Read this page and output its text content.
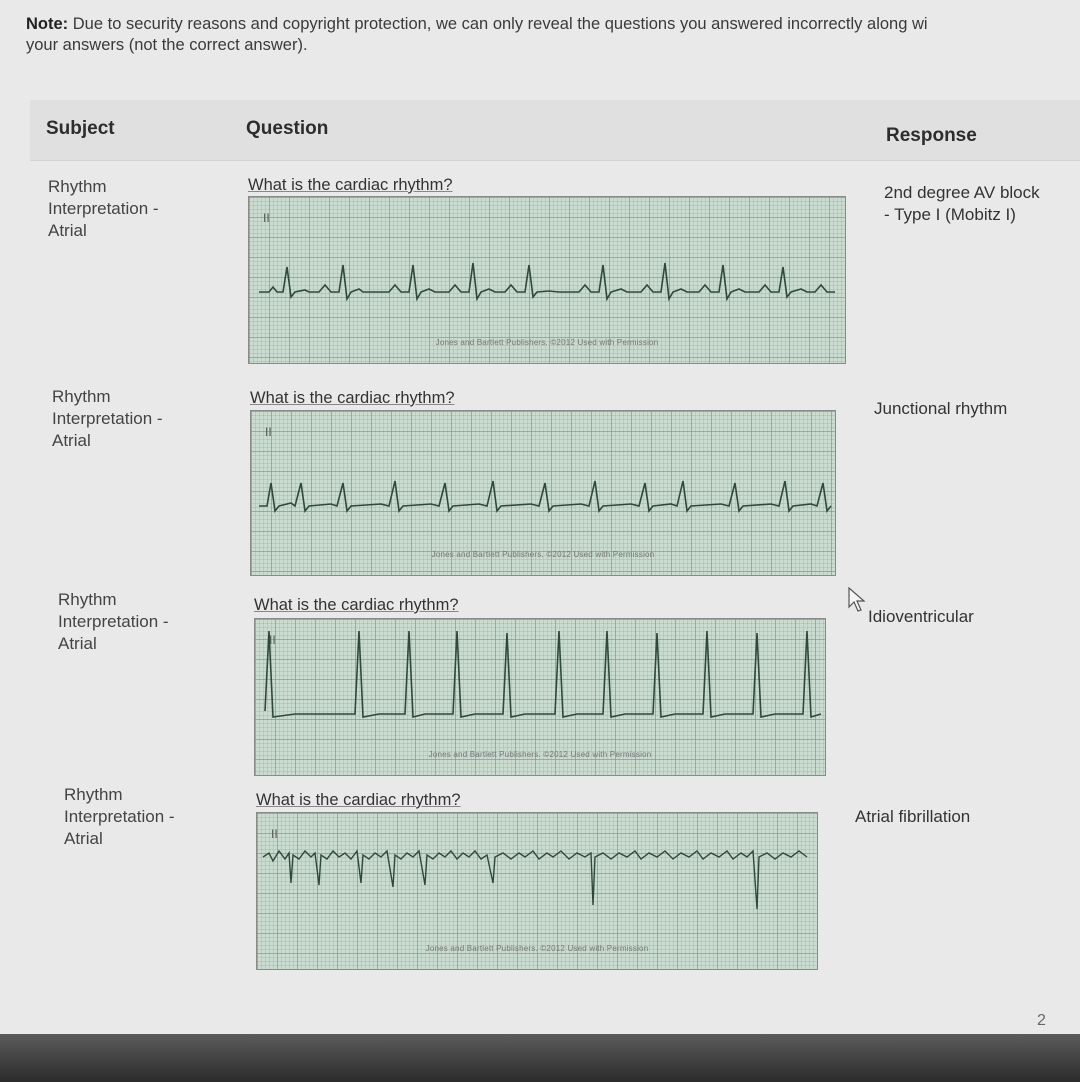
Note: Due to security reasons and copyright protection, we can only reveal the questions you answered incorrectly along wi
your answers (not the correct answer).
Subject	Question	Response
Rhythm
Interpretation -
Atrial
What is the cardiac rhythm?
II
Jones and Bartlett Publishers. ©2012 Used with Permission
2nd degree AV block
- Type I (Mobitz I)
Rhythm
Interpretation -
Atrial
What is the cardiac rhythm?
II
Jones and Bartlett Publishers. ©2012 Used with Permission
Junctional rhythm
Rhythm
Interpretation -
Atrial
What is the cardiac rhythm?
II
Jones and Bartlett Publishers. ©2012 Used with Permission
Idioventricular
Rhythm
Interpretation -
Atrial
What is the cardiac rhythm?
II
Jones and Bartlett Publishers. ©2012 Used with Permission
Atrial fibrillation
2
